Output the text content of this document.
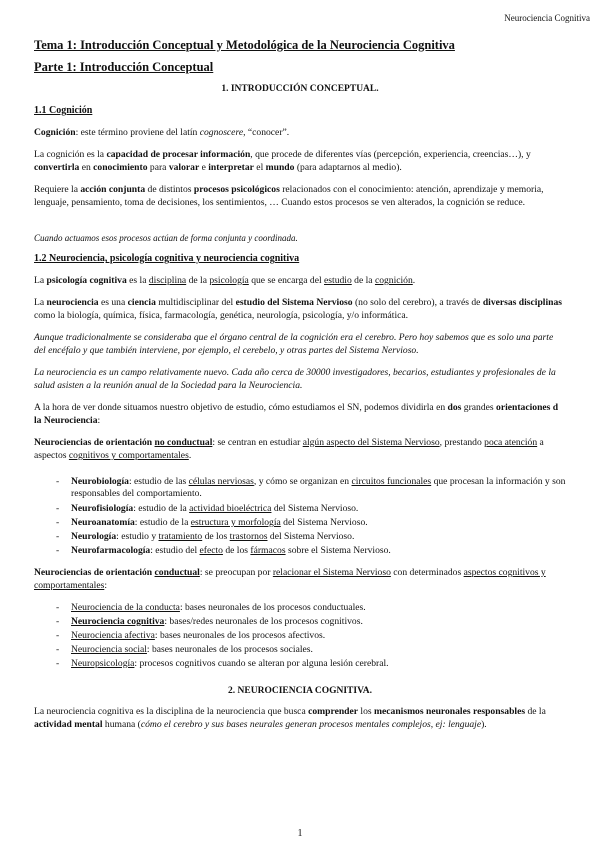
Neurociencia Cognitiva
Tema 1: Introducción Conceptual y Metodológica de la Neurociencia Cognitiva
Parte 1: Introducción Conceptual
1. INTRODUCCIÓN CONCEPTUAL.
1.1 Cognición
Cognición: este término proviene del latín cognoscere, “conocer”.
La cognición es la capacidad de procesar información, que procede de diferentes vías (percepción, experiencia, creencias…), y convertirla en conocimiento para valorar e interpretar el mundo (para adaptarnos al medio).
Requiere la acción conjunta de distintos procesos psicológicos relacionados con el conocimiento: atención, aprendizaje y memoria, lenguaje, pensamiento, toma de decisiones, los sentimientos, … Cuando estos procesos se ven alterados, la cognición se reduce.
Cuando actuamos esos procesos actúan de forma conjunta y coordinada.
1.2 Neurociencia, psicología cognitiva y neurociencia cognitiva
La psicología cognitiva es la disciplina de la psicología que se encarga del estudio de la cognición.
La neurociencia es una ciencia multidisciplinar del estudio del Sistema Nervioso (no solo del cerebro), a través de diversas disciplinas como la biología, química, física, farmacología, genética, neurología, psicología, y/o informática.
Aunque tradicionalmente se consideraba que el órgano central de la cognición era el cerebro. Pero hoy sabemos que es solo una parte del encéfalo y que también interviene, por ejemplo, el cerebelo, y otras partes del Sistema Nervioso.
La neurociencia es un campo relativamente nuevo. Cada año cerca de 30000 investigadores, becarios, estudiantes y profesionales de la salud asisten a la reunión anual de la Sociedad para la Neurociencia.
A la hora de ver donde situamos nuestro objetivo de estudio, cómo estudiamos el SN, podemos dividirla en dos grandes orientaciones d la Neurociencia:
Neurociencias de orientación no conductual: se centran en estudiar algún aspecto del Sistema Nervioso, prestando poca atención a aspectos cognitivos y comportamentales.
- Neurobiología: estudio de las células nerviosas, y cómo se organizan en circuitos funcionales que procesan la información y son responsables del comportamiento.
- Neurofisiología: estudio de la actividad bioeléctrica del Sistema Nervioso.
- Neuroanatomía: estudio de la estructura y morfología del Sistema Nervioso.
- Neurología: estudio y tratamiento de los trastornos del Sistema Nervioso.
- Neurofarmacología: estudio del efecto de los fármacos sobre el Sistema Nervioso.
Neurociencias de orientación conductual: se preocupan por relacionar el Sistema Nervioso con determinados aspectos cognitivos y comportamentales:
- Neurociencia de la conducta: bases neuronales de los procesos conductuales.
- Neurociencia cognitiva: bases/redes neuronales de los procesos cognitivos.
- Neurociencia afectiva: bases neuronales de los procesos afectivos.
- Neurociencia social: bases neuronales de los procesos sociales.
- Neuropsicología: procesos cognitivos cuando se alteran por alguna lesión cerebral.
2. NEUROCIENCIA COGNITIVA.
La neurociencia cognitiva es la disciplina de la neurociencia que busca comprender los mecanismos neuronales responsables de la actividad mental humana (cómo el cerebro y sus bases neurales generan procesos mentales complejos, ej: lenguaje).
1
